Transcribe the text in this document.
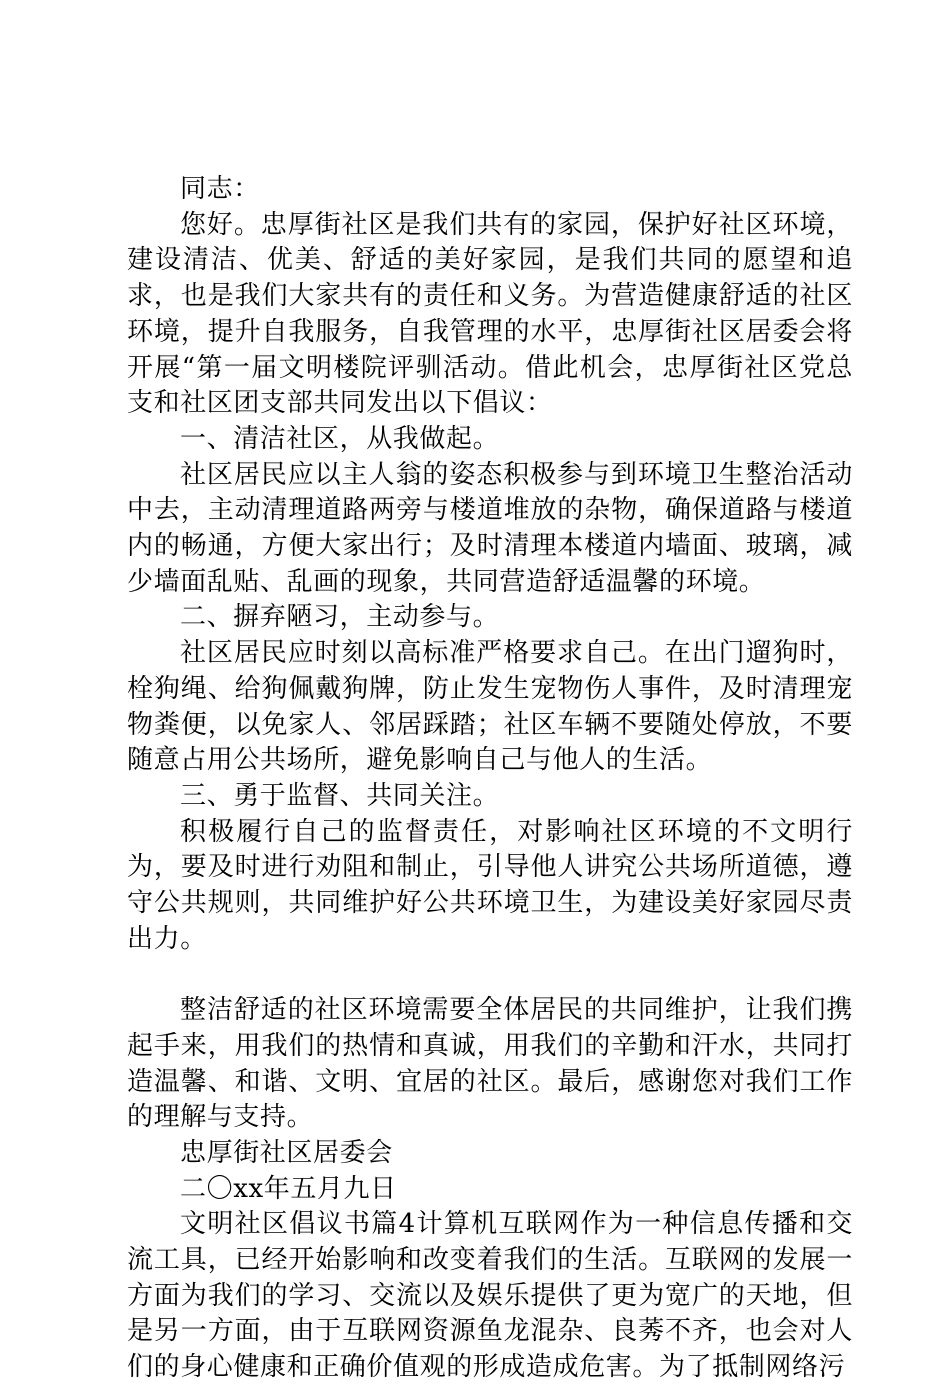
同志：

您好。忠厚街社区是我们共有的家园，保护好社区环境，建设清洁、优美、舒适的美好家园，是我们共同的愿望和追求，也是我们大家共有的责任和义务。为营造健康舒适的社区环境，提升自我服务，自我管理的水平，忠厚街社区居委会将开展“第一届文明楼院评驯活动。借此机会，忠厚街社区党总支和社区团支部共同发出以下倡议：

一、清洁社区，从我做起。

社区居民应以主人翁的姿态积极参与到环境卫生整治活动中去，主动清理道路两旁与楼道堆放的杂物，确保道路与楼道内的畅通，方便大家出行；及时清理本楼道内墙面、玻璃，减少墙面乱贴、乱画的现象，共同营造舒适温馨的环境。

二、摒弃陋习，主动参与。

社区居民应时刻以高标准严格要求自己。在出门遛狗时，栓狗绳、给狗佩戴狗牌，防止发生宠物伤人事件，及时清理宠物粪便，以免家人、邻居踩踏；社区车辆不要随处停放，不要随意占用公共场所，避免影响自己与他人的生活。

三、勇于监督、共同关注。

积极履行自己的监督责任，对影响社区环境的不文明行为，要及时进行劝阻和制止，引导他人讲究公共场所道德，遵守公共规则，共同维护好公共环境卫生，为建设美好家园尽责出力。

整洁舒适的社区环境需要全体居民的共同维护，让我们携起手来，用我们的热情和真诚，用我们的辛勤和汗水，共同打造温馨、和谐、文明、宜居的社区。最后，感谢您对我们工作的理解与支持。

忠厚街社区居委会

二〇xx年五月九日

文明社区倡议书篇4计算机互联网作为一种信息传播和交流工具，已经开始影响和改变着我们的生活。互联网的发展一方面为我们的学习、交流以及娱乐提供了更为宽广的天地，但是另一方面，由于互联网资源鱼龙混杂、良莠不齐，也会对人们的身心健康和正确价值观的形成造成危害。为了抵制网络污
